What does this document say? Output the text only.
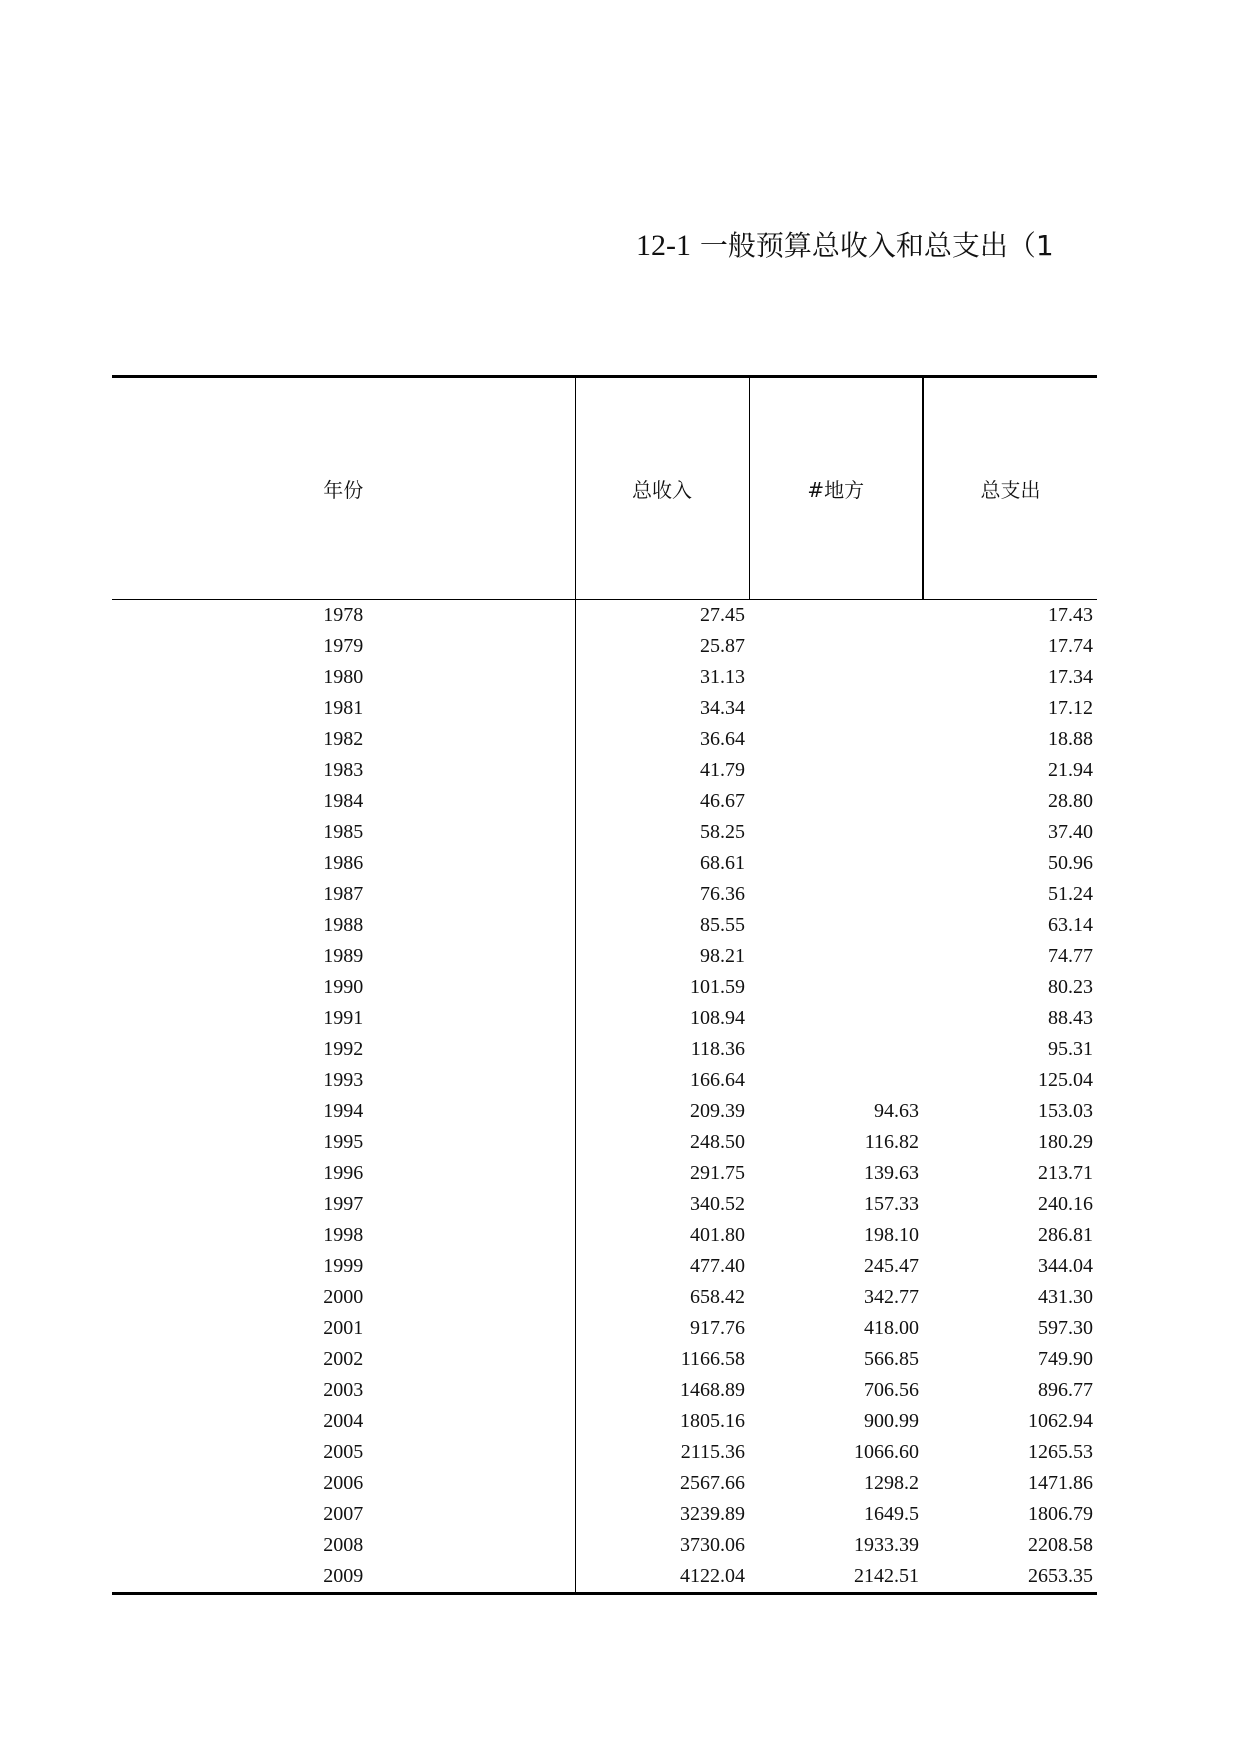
12-1 一般预算总收入和总支出（1
年份	总收入	#地方	总支出
1978	27.45		17.43
1979	25.87		17.74
1980	31.13		17.34
1981	34.34		17.12
1982	36.64		18.88
1983	41.79		21.94
1984	46.67		28.80
1985	58.25		37.40
1986	68.61		50.96
1987	76.36		51.24
1988	85.55		63.14
1989	98.21		74.77
1990	101.59		80.23
1991	108.94		88.43
1992	118.36		95.31
1993	166.64		125.04
1994	209.39	94.63	153.03
1995	248.50	116.82	180.29
1996	291.75	139.63	213.71
1997	340.52	157.33	240.16
1998	401.80	198.10	286.81
1999	477.40	245.47	344.04
2000	658.42	342.77	431.30
2001	917.76	418.00	597.30
2002	1166.58	566.85	749.90
2003	1468.89	706.56	896.77
2004	1805.16	900.99	1062.94
2005	2115.36	1066.60	1265.53
2006	2567.66	1298.2	1471.86
2007	3239.89	1649.5	1806.79
2008	3730.06	1933.39	2208.58
2009	4122.04	2142.51	2653.35
